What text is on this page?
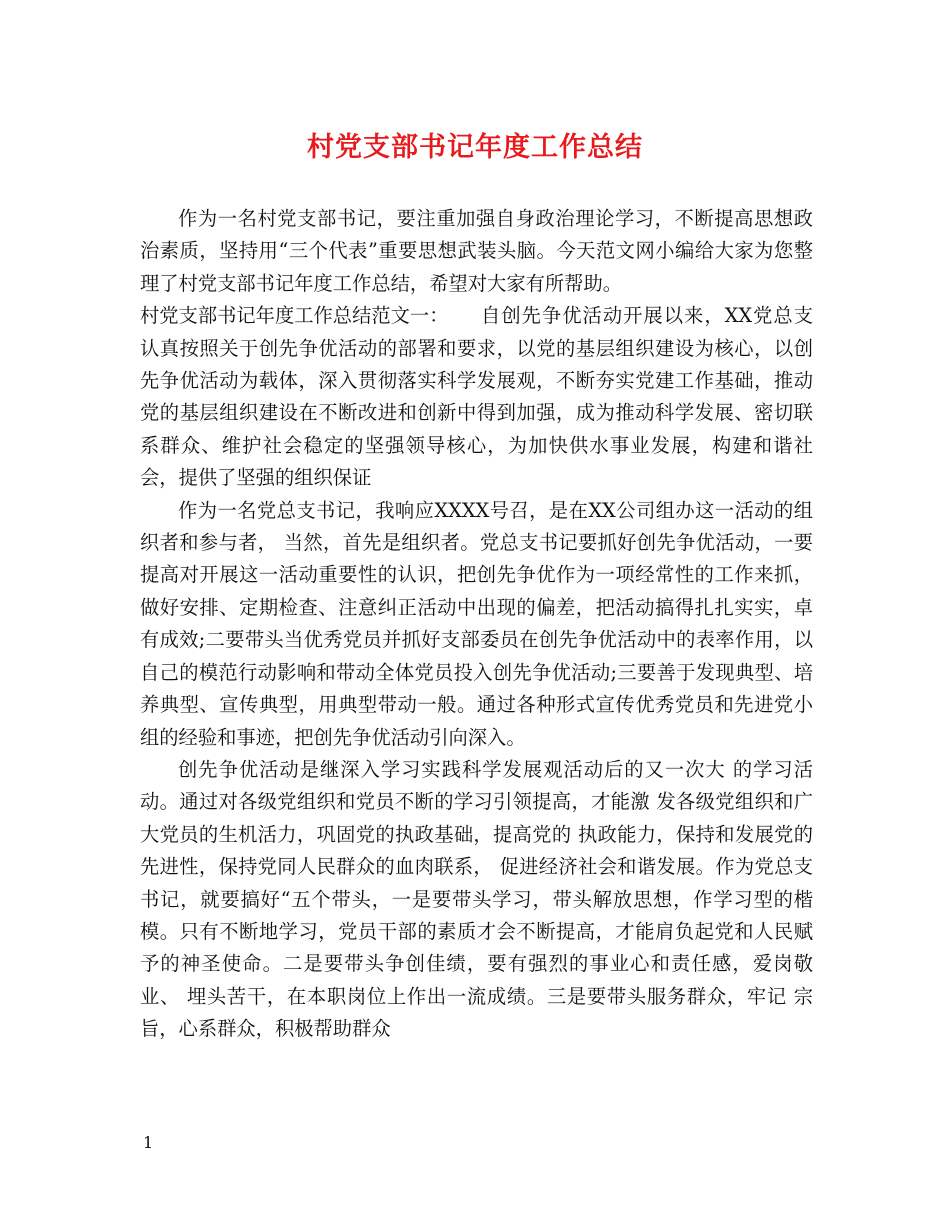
村党支部书记年度工作总结

作为一名村党支部书记，要注重加强自身政治理论学习，不断提高思想政治素质，坚持用“三个代表”重要思想武装头脑。今天范文网小编给大家为您整理了村党支部书记年度工作总结，希望对大家有所帮助。

村党支部书记年度工作总结范文一： 自创先争优活动开展以来，XX党总支认真按照关于创先争优活动的部署和要求，以党的基层组织建设为核心，以创先争优活动为载体，深入贯彻落实科学发展观，不断夯实党建工作基础，推动党的基层组织建设在不断改进和创新中得到加强，成为推动科学发展、密切联系群众、维护社会稳定的坚强领导核心，为加快供水事业发展，构建和谐社会，提供了坚强的组织保证

作为一名党总支书记，我响应XXXX号召，是在XX公司组办这一活动的组织者和参与者， 当然，首先是组织者。党总支书记要抓好创先争优活动，一要提高对开展这一活动重要性的认识，把创先争优作为一项经常性的工作来抓，做好安排、定期检查、注意纠正活动中出现的偏差，把活动搞得扎扎实实，卓有成效;二要带头当优秀党员并抓好支部委员在创先争优活动中的表率作用，以自己的模范行动影响和带动全体党员投入创先争优活动;三要善于发现典型、培养典型、宣传典型，用典型带动一般。通过各种形式宣传优秀党员和先进党小组的经验和事迹，把创先争优活动引向深入。

创先争优活动是继深入学习实践科学发展观活动后的又一次大 的学习活动。通过对各级党组织和党员不断的学习引领提高，才能激 发各级党组织和广大党员的生机活力，巩固党的执政基础，提高党的 执政能力，保持和发展党的先进性，保持党同人民群众的血肉联系， 促进经济社会和谐发展。作为党总支书记，就要搞好“五个带头，一是要带头学习，带头解放思想，作学习型的楷模。只有不断地学习，党员干部的素质才会不断提高，才能肩负起党和人民赋予的神圣使命。二是要带头争创佳绩，要有强烈的事业心和责任感，爱岗敬业、 埋头苦干，在本职岗位上作出一流成绩。三是要带头服务群众，牢记 宗旨，心系群众，积极帮助群众

1
